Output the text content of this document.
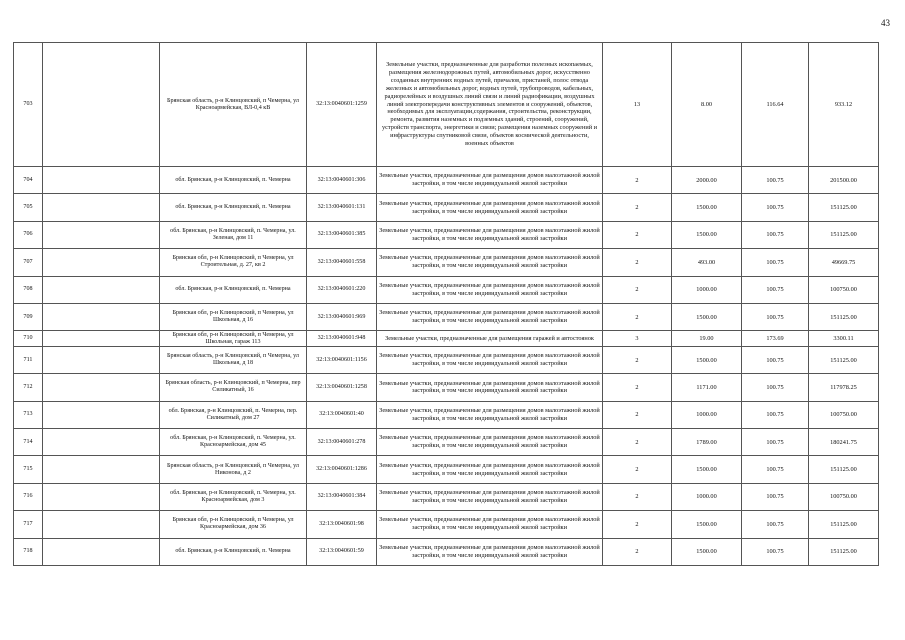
43
703		Брянская область, р-н Клинцовский, п Чемерна, ул Красноармейская, ВЛ-0,4 кВ	32:13:0040601:1259	Земельные участки, предназначенные для разработки полезных ископаемых, размещения железнодорожных путей, автомобильных дорог, искусственно созданных внутренних водных путей, причалов, пристаней, полос отвода железных и автомобильных дорог, водных путей, трубопроводов, кабельных, радиорелейных и воздушных линий связи и линий радиофикации, воздушных линий электропередачи конструктивных элементов и сооружений, объектов, необходимых для эксплуатации,содержания, строительства, реконструкции, ремонта, развития наземных и подземных зданий, строений, сооружений, устройств транспорта, энергетики и связи; размещения наземных сооружений и инфраструктуры спутниковой связи, объектов космической деятельности, военных объектов	13	8.00	116.64	933.12
704		обл. Брянская, р-н Клинцовский, п. Чемерна	32:13:0040601:306	Земельные участки, предназначенные для размещения домов малоэтажной жилой застройки, в том числе индивидуальной жилой застройки	2	2000.00	100.75	201500.00
705		обл. Брянская, р-н Клинцовский, п. Чемерна	32:13:0040601:131	Земельные участки, предназначенные для размещения домов малоэтажной жилой застройки, в том числе индивидуальной жилой застройки	2	1500.00	100.75	151125.00
706		обл. Брянская, р-н Клинцовский, п. Чемерна, ул. Зеленая, дом 11	32:13:0040601:385	Земельные участки, предназначенные для размещения домов малоэтажной жилой застройки, в том числе индивидуальной жилой застройки	2	1500.00	100.75	151125.00
707		Брянская обл, р-н Клинцовский, п Чемерна, ул Строительная, д. 27, кв 2	32:13:0040601:558	Земельные участки, предназначенные для размещения домов малоэтажной жилой застройки, в том числе индивидуальной жилой застройки	2	493.00	100.75	49669.75
708		обл. Брянская, р-н Клинцовский, п. Чемерна	32:13:0040601:220	Земельные участки, предназначенные для размещения домов малоэтажной жилой застройки, в том числе индивидуальной жилой застройки	2	1000.00	100.75	100750.00
709		Брянская обл, р-н Клинцовский, п Чемерна, ул Школьная, д 16	32:13:0040601:969	Земельные участки, предназначенные для размещения домов малоэтажной жилой застройки, в том числе индивидуальной жилой застройки	2	1500.00	100.75	151125.00
710		Брянская обл, р-н Клинцовский, п Чемерна, ул Школьная, гараж 113	32:13:0040601:948	Земельные участки, предназначенные для размещения гаражей и автостоянок	3	19.00	173.69	3300.11
711		Брянская область, р-н Клинцовский, п Чемерна, ул Школьная, д 18	32:13:0040601:1156	Земельные участки, предназначенные для размещения домов малоэтажной жилой застройки, в том числе индивидуальной жилой застройки	2	1500.00	100.75	151125.00
712		Брянская область, р-н Клинцовский, п Чемерна, пер Силикатный, 16	32:13:0040601:1258	Земельные участки, предназначенные для размещения домов малоэтажной жилой застройки, в том числе индивидуальной жилой застройки	2	1171.00	100.75	117978.25
713		обл. Брянская, р-н Клинцовский, п. Чемерна, пер. Силикатный, дом 27	32:13:0040601:40	Земельные участки, предназначенные для размещения домов малоэтажной жилой застройки, в том числе индивидуальной жилой застройки	2	1000.00	100.75	100750.00
714		обл. Брянская, р-н Клинцовский, п. Чемерна, ул. Красноармейская, дом 45	32:13:0040601:278	Земельные участки, предназначенные для размещения домов малоэтажной жилой застройки, в том числе индивидуальной жилой застройки	2	1789.00	100.75	180241.75
715		Брянская область, р-н Клинцовский, п Чемерна, ул Никонова, д 2	32:13:0040601:1286	Земельные участки, предназначенные для размещения домов малоэтажной жилой застройки, в том числе индивидуальной жилой застройки	2	1500.00	100.75	151125.00
716		обл. Брянская, р-н Клинцовский, п. Чемерна, ул. Красноармейская, дом 3	32:13:0040601:384	Земельные участки, предназначенные для размещения домов малоэтажной жилой застройки, в том числе индивидуальной жилой застройки	2	1000.00	100.75	100750.00
717		Брянская обл, р-н Клинцовский, п Чемерна, ул Красноармейская, дом 36	32:13:0040601:98	Земельные участки, предназначенные для размещения домов малоэтажной жилой застройки, в том числе индивидуальной жилой застройки	2	1500.00	100.75	151125.00
718		обл. Брянская, р-н Клинцовский, п. Чемерна	32:13:0040601:59	Земельные участки, предназначенные для размещения домов малоэтажной жилой застройки, в том числе индивидуальной жилой застройки	2	1500.00	100.75	151125.00
